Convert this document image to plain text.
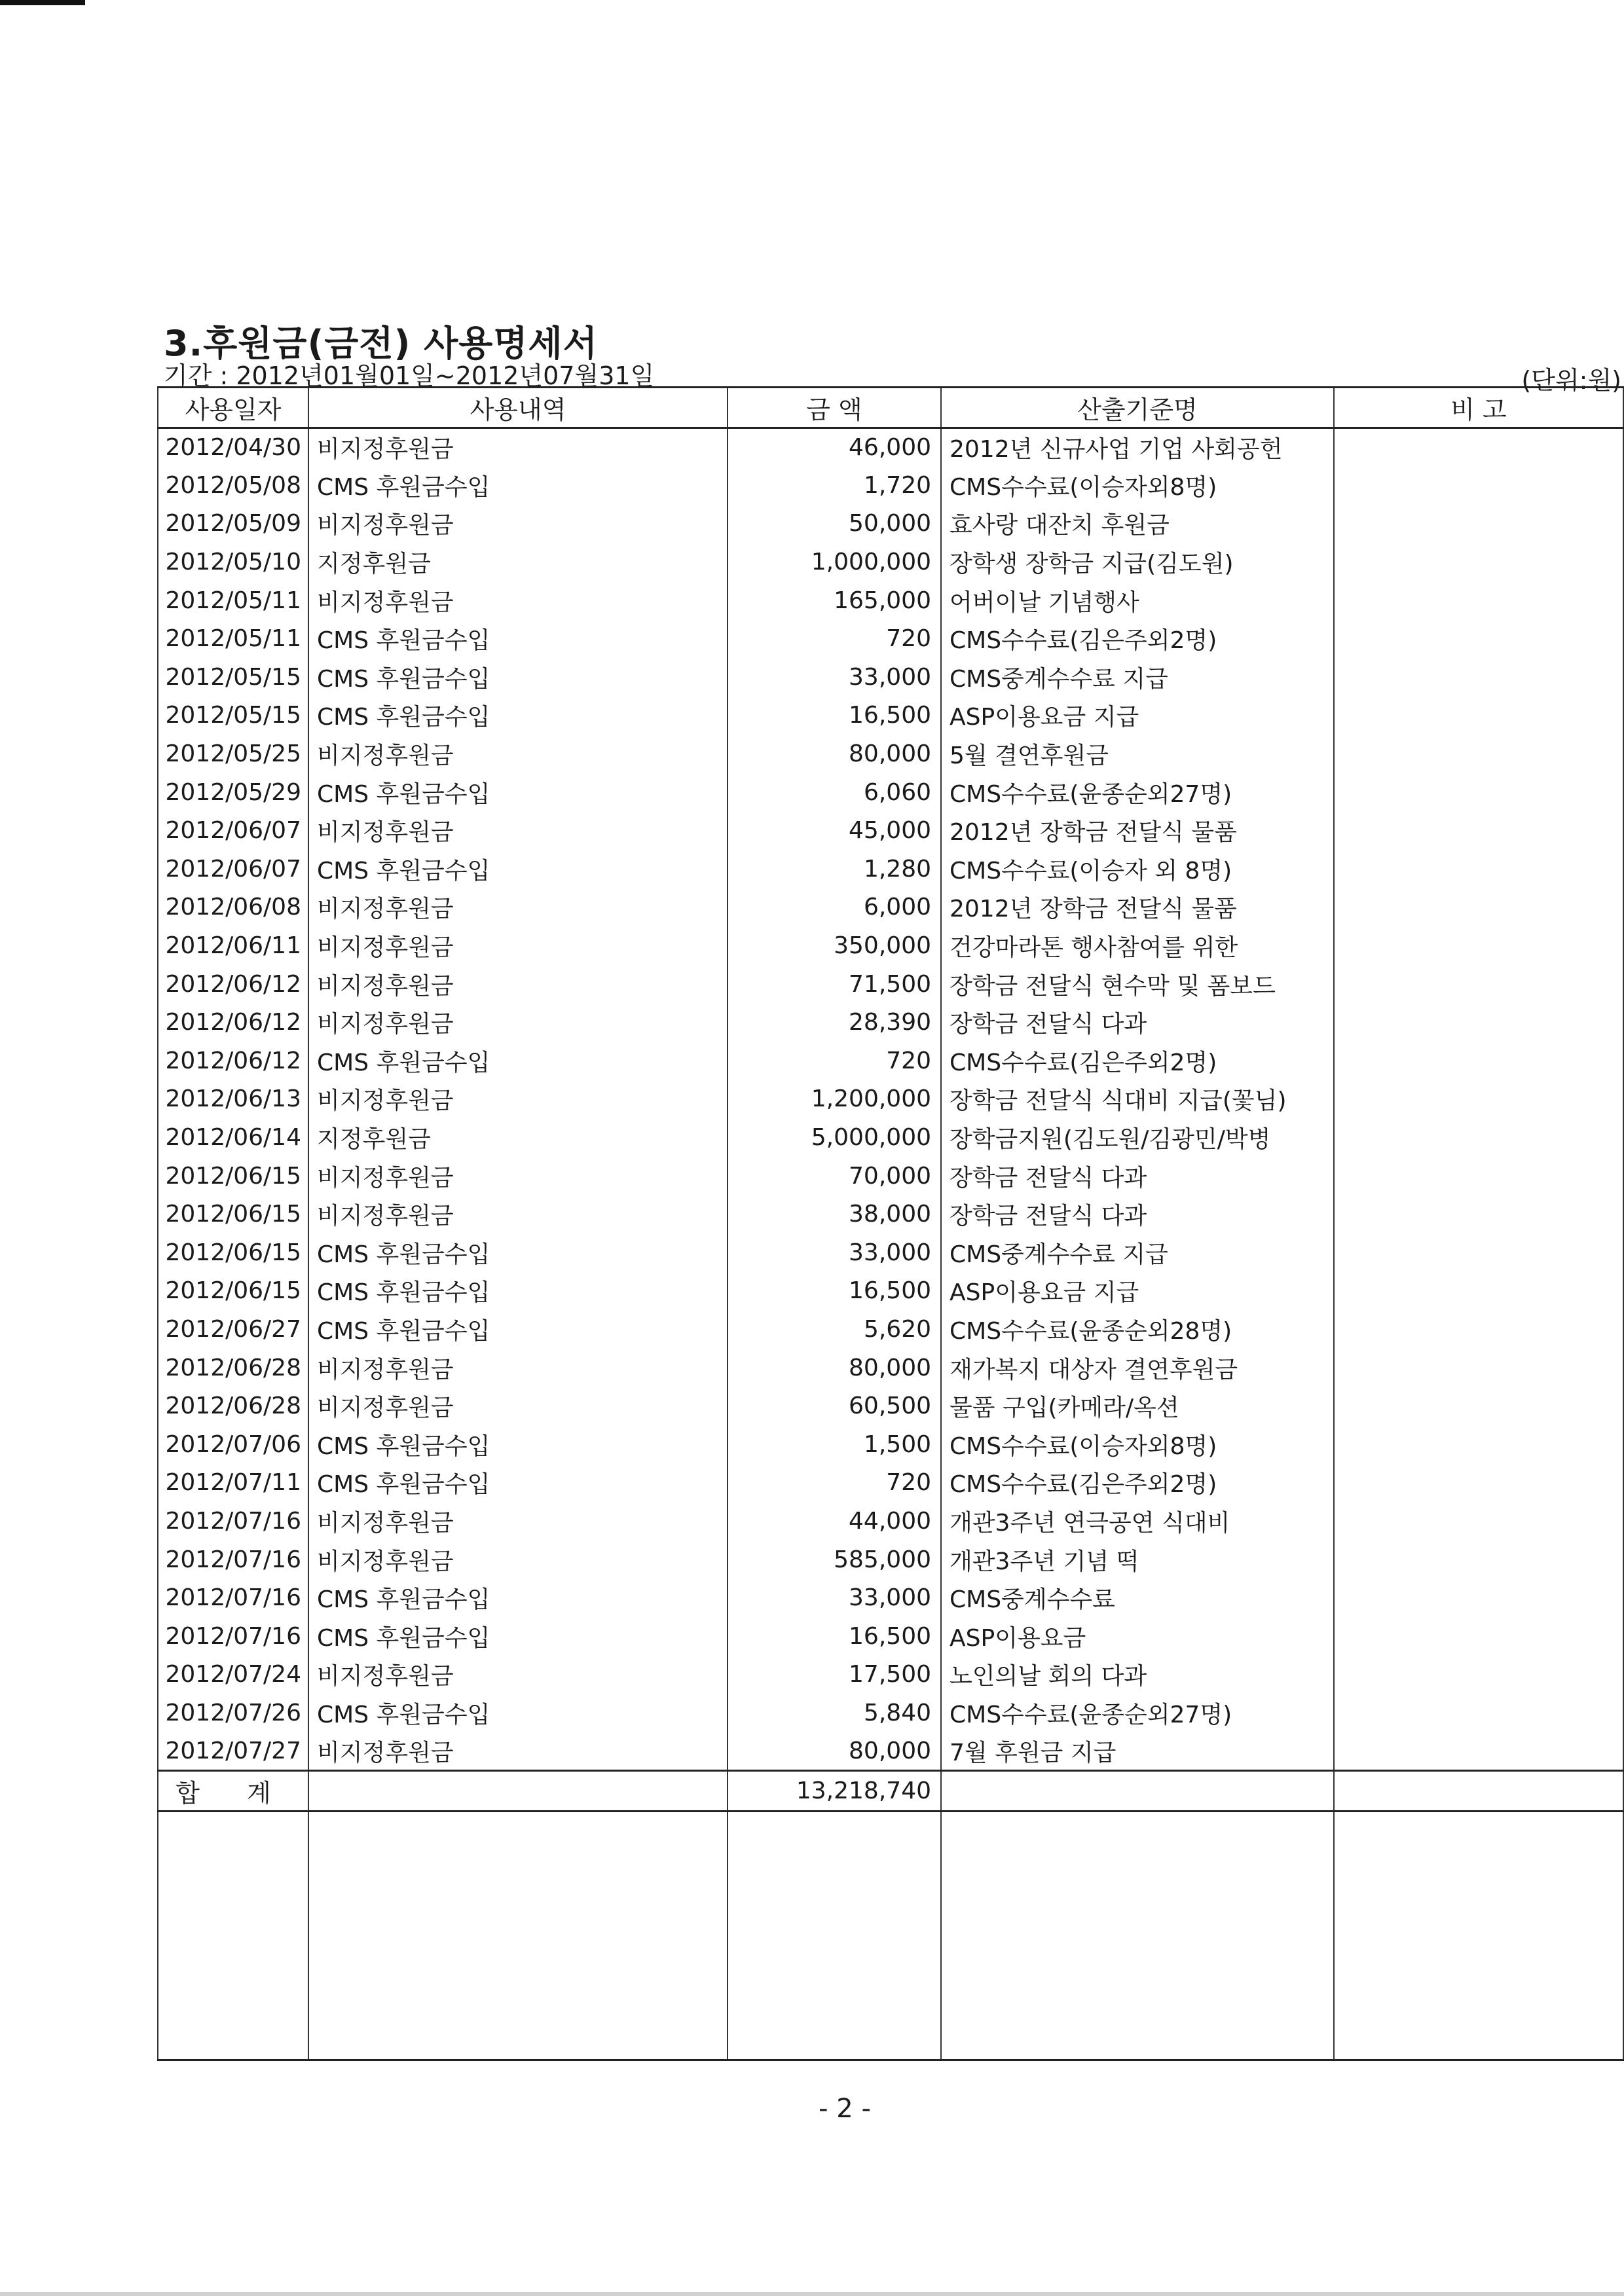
3.후원금(금전) 사용명세서
기간 : 2012년01월01일~2012년07월31일	(단위:원)
사용일자	사용내역	금 액	산출기준명	비 고
2012/04/30	비지정후원금	46,000	2012년 신규사업 기업 사회공헌	
2012/05/08	CMS 후원금수입	1,720	CMS수수료(이승자외8명)	
2012/05/09	비지정후원금	50,000	효사랑 대잔치 후원금	
2012/05/10	지정후원금	1,000,000	장학생 장학금 지급(김도원)	
2012/05/11	비지정후원금	165,000	어버이날 기념행사	
2012/05/11	CMS 후원금수입	720	CMS수수료(김은주외2명)	
2012/05/15	CMS 후원금수입	33,000	CMS중계수수료 지급	
2012/05/15	CMS 후원금수입	16,500	ASP이용요금 지급	
2012/05/25	비지정후원금	80,000	5월 결연후원금	
2012/05/29	CMS 후원금수입	6,060	CMS수수료(윤종순외27명)	
2012/06/07	비지정후원금	45,000	2012년 장학금 전달식 물품	
2012/06/07	CMS 후원금수입	1,280	CMS수수료(이승자 외 8명)	
2012/06/08	비지정후원금	6,000	2012년 장학금 전달식 물품	
2012/06/11	비지정후원금	350,000	건강마라톤 행사참여를 위한	
2012/06/12	비지정후원금	71,500	장학금 전달식 현수막 및 폼보드	
2012/06/12	비지정후원금	28,390	장학금 전달식 다과	
2012/06/12	CMS 후원금수입	720	CMS수수료(김은주외2명)	
2012/06/13	비지정후원금	1,200,000	장학금 전달식 식대비 지급(꽃님)	
2012/06/14	지정후원금	5,000,000	장학금지원(김도원/김광민/박병	
2012/06/15	비지정후원금	70,000	장학금 전달식 다과	
2012/06/15	비지정후원금	38,000	장학금 전달식 다과	
2012/06/15	CMS 후원금수입	33,000	CMS중계수수료 지급	
2012/06/15	CMS 후원금수입	16,500	ASP이용요금 지급	
2012/06/27	CMS 후원금수입	5,620	CMS수수료(윤종순외28명)	
2012/06/28	비지정후원금	80,000	재가복지 대상자 결연후원금	
2012/06/28	비지정후원금	60,500	물품 구입(카메라/옥션	
2012/07/06	CMS 후원금수입	1,500	CMS수수료(이승자외8명)	
2012/07/11	CMS 후원금수입	720	CMS수수료(김은주외2명)	
2012/07/16	비지정후원금	44,000	개관3주년 연극공연 식대비	
2012/07/16	비지정후원금	585,000	개관3주년 기념 떡	
2012/07/16	CMS 후원금수입	33,000	CMS중계수수료	
2012/07/16	CMS 후원금수입	16,500	ASP이용요금	
2012/07/24	비지정후원금	17,500	노인의날 회의 다과	
2012/07/26	CMS 후원금수입	5,840	CMS수수료(윤종순외27명)	
2012/07/27	비지정후원금	80,000	7월 후원금 지급	
합 계		13,218,740		

- 2 -
